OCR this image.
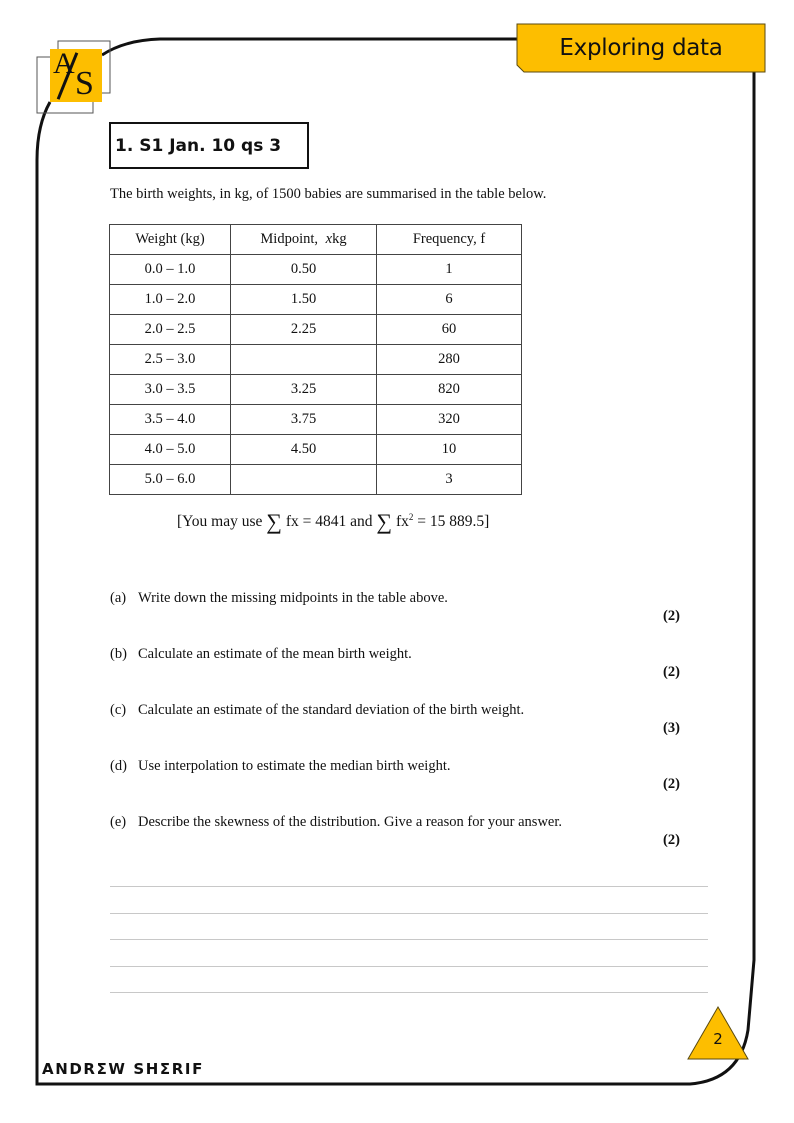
A
S
Exploring data
1. S1 Jan. 10 qs 3
The birth weights, in kg, of 1500 babies are summarised in the table below.
Weight (kg)	Midpoint, xkg	Frequency, f
0.0 – 1.0	0.50	1
1.0 – 2.0	1.50	6
2.0 – 2.5	2.25	60
2.5 – 3.0		280
3.0 – 3.5	3.25	820
3.5 – 4.0	3.75	320
4.0 – 5.0	4.50	10
5.0 – 6.0		3
[You may use ∑ fx = 4841 and ∑ $fx^2 = 15$ 889.5]
(a) Write down the missing midpoints in the table above.
(2)
(b) Calculate an estimate of the mean birth weight.
(2)
(c) Calculate an estimate of the standard deviation of the birth weight.
(3)
(d) Use interpolation to estimate the median birth weight.
(2)
(e) Describe the skewness of the distribution. Give a reason for your answer.
(2)
2
ANDRΣW SHΣRIF
